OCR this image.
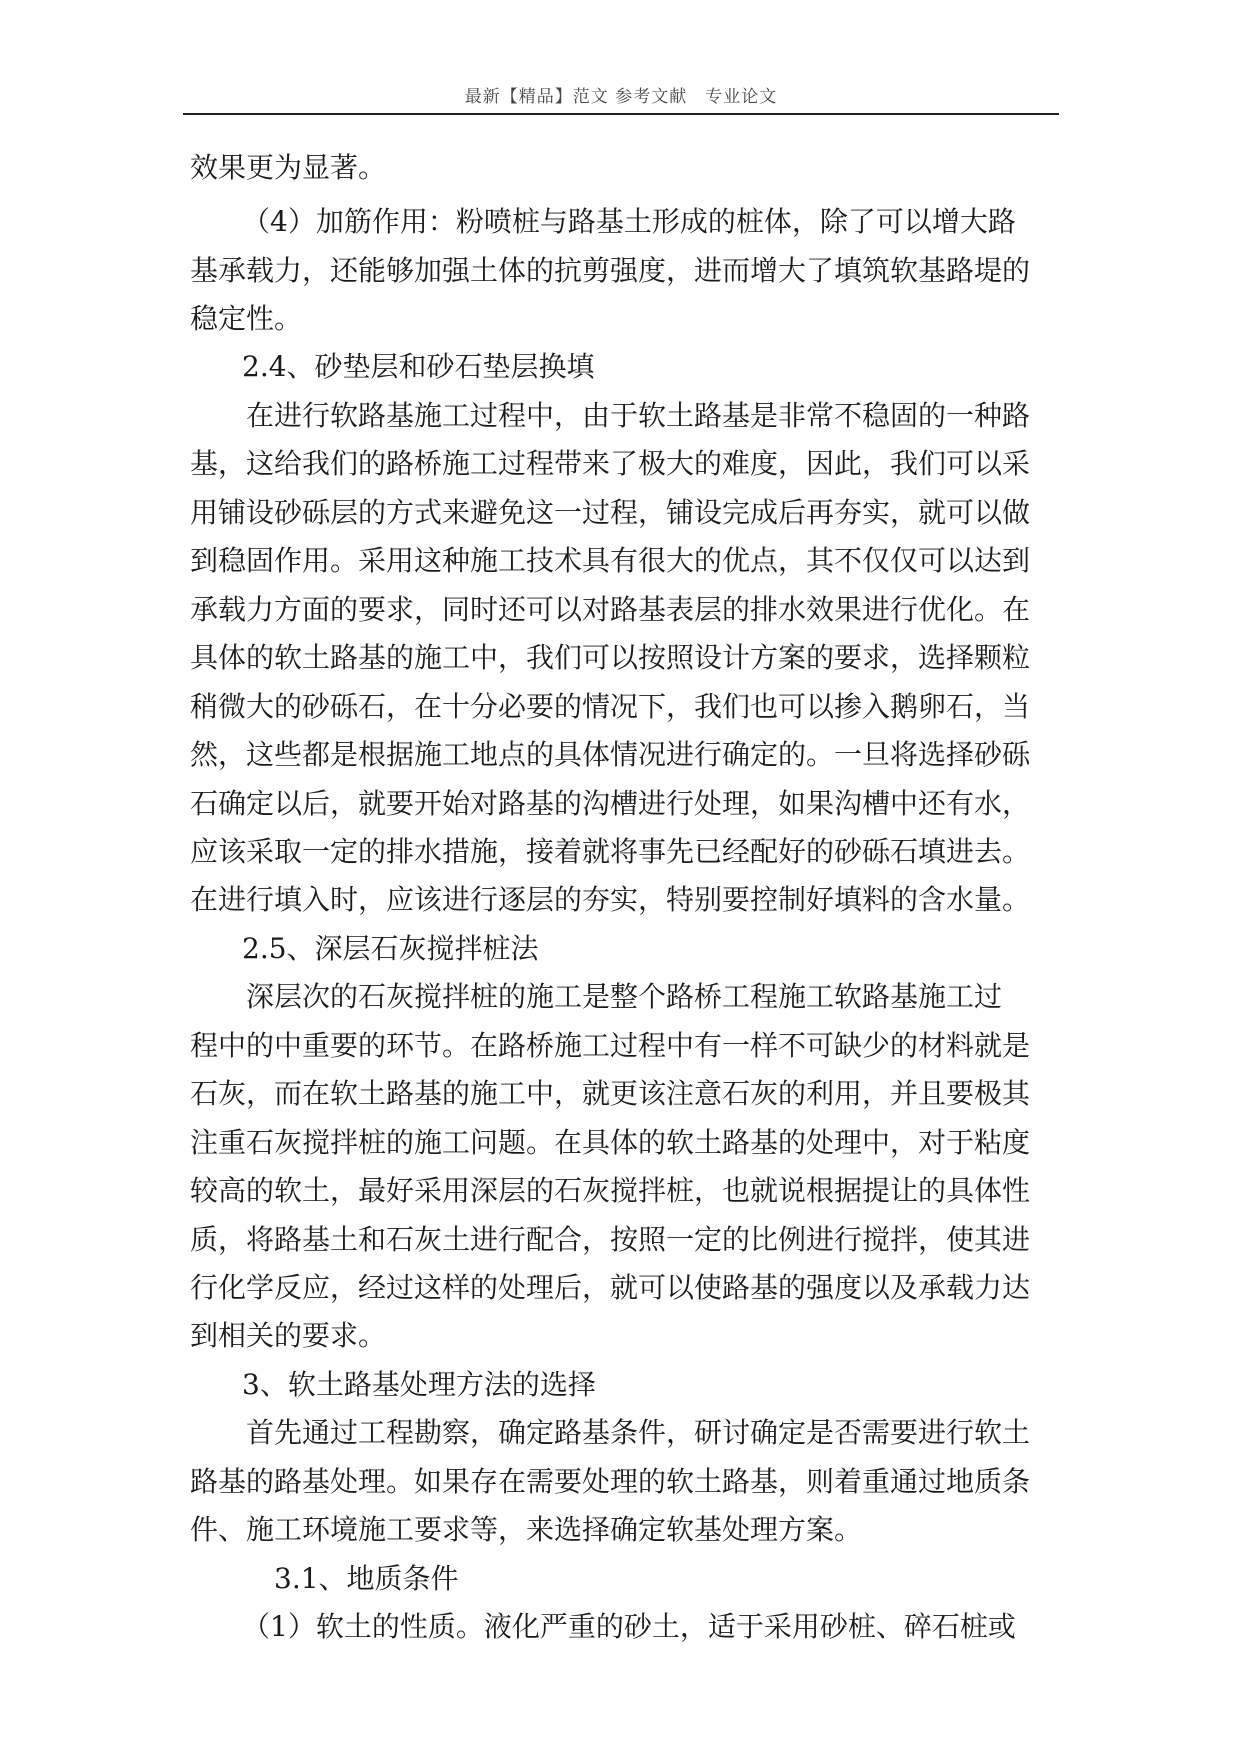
最新【精品】范文 参考文献　专业论文
效果更为显著。
（4）加筋作用：粉喷桩与路基土形成的桩体，除了可以增大路
基承载力，还能够加强土体的抗剪强度，进而增大了填筑软基路堤的
稳定性。
2.4、砂垫层和砂石垫层换填
在进行软路基施工过程中，由于软土路基是非常不稳固的一种路
基，这给我们的路桥施工过程带来了极大的难度，因此，我们可以采
用铺设砂砾层的方式来避免这一过程，铺设完成后再夯实，就可以做
到稳固作用。采用这种施工技术具有很大的优点，其不仅仅可以达到
承载力方面的要求，同时还可以对路基表层的排水效果进行优化。在
具体的软土路基的施工中，我们可以按照设计方案的要求，选择颗粒
稍微大的砂砾石，在十分必要的情况下，我们也可以掺入鹅卵石，当
然，这些都是根据施工地点的具体情况进行确定的。一旦将选择砂砾
石确定以后，就要开始对路基的沟槽进行处理，如果沟槽中还有水，
应该采取一定的排水措施，接着就将事先已经配好的砂砾石填进去。
在进行填入时，应该进行逐层的夯实，特别要控制好填料的含水量。
2.5、深层石灰搅拌桩法
深层次的石灰搅拌桩的施工是整个路桥工程施工软路基施工过
程中的中重要的环节。在路桥施工过程中有一样不可缺少的材料就是
石灰，而在软土路基的施工中，就更该注意石灰的利用，并且要极其
注重石灰搅拌桩的施工问题。在具体的软土路基的处理中，对于粘度
较高的软土，最好采用深层的石灰搅拌桩，也就说根据提让的具体性
质，将路基土和石灰土进行配合，按照一定的比例进行搅拌，使其进
行化学反应，经过这样的处理后，就可以使路基的强度以及承载力达
到相关的要求。
3、软土路基处理方法的选择
首先通过工程勘察，确定路基条件，研讨确定是否需要进行软土
路基的路基处理。如果存在需要处理的软土路基，则着重通过地质条
件、施工环境施工要求等，来选择确定软基处理方案。
3.1、地质条件
（1）软土的性质。液化严重的砂土，适于采用砂桩、碎石桩或
